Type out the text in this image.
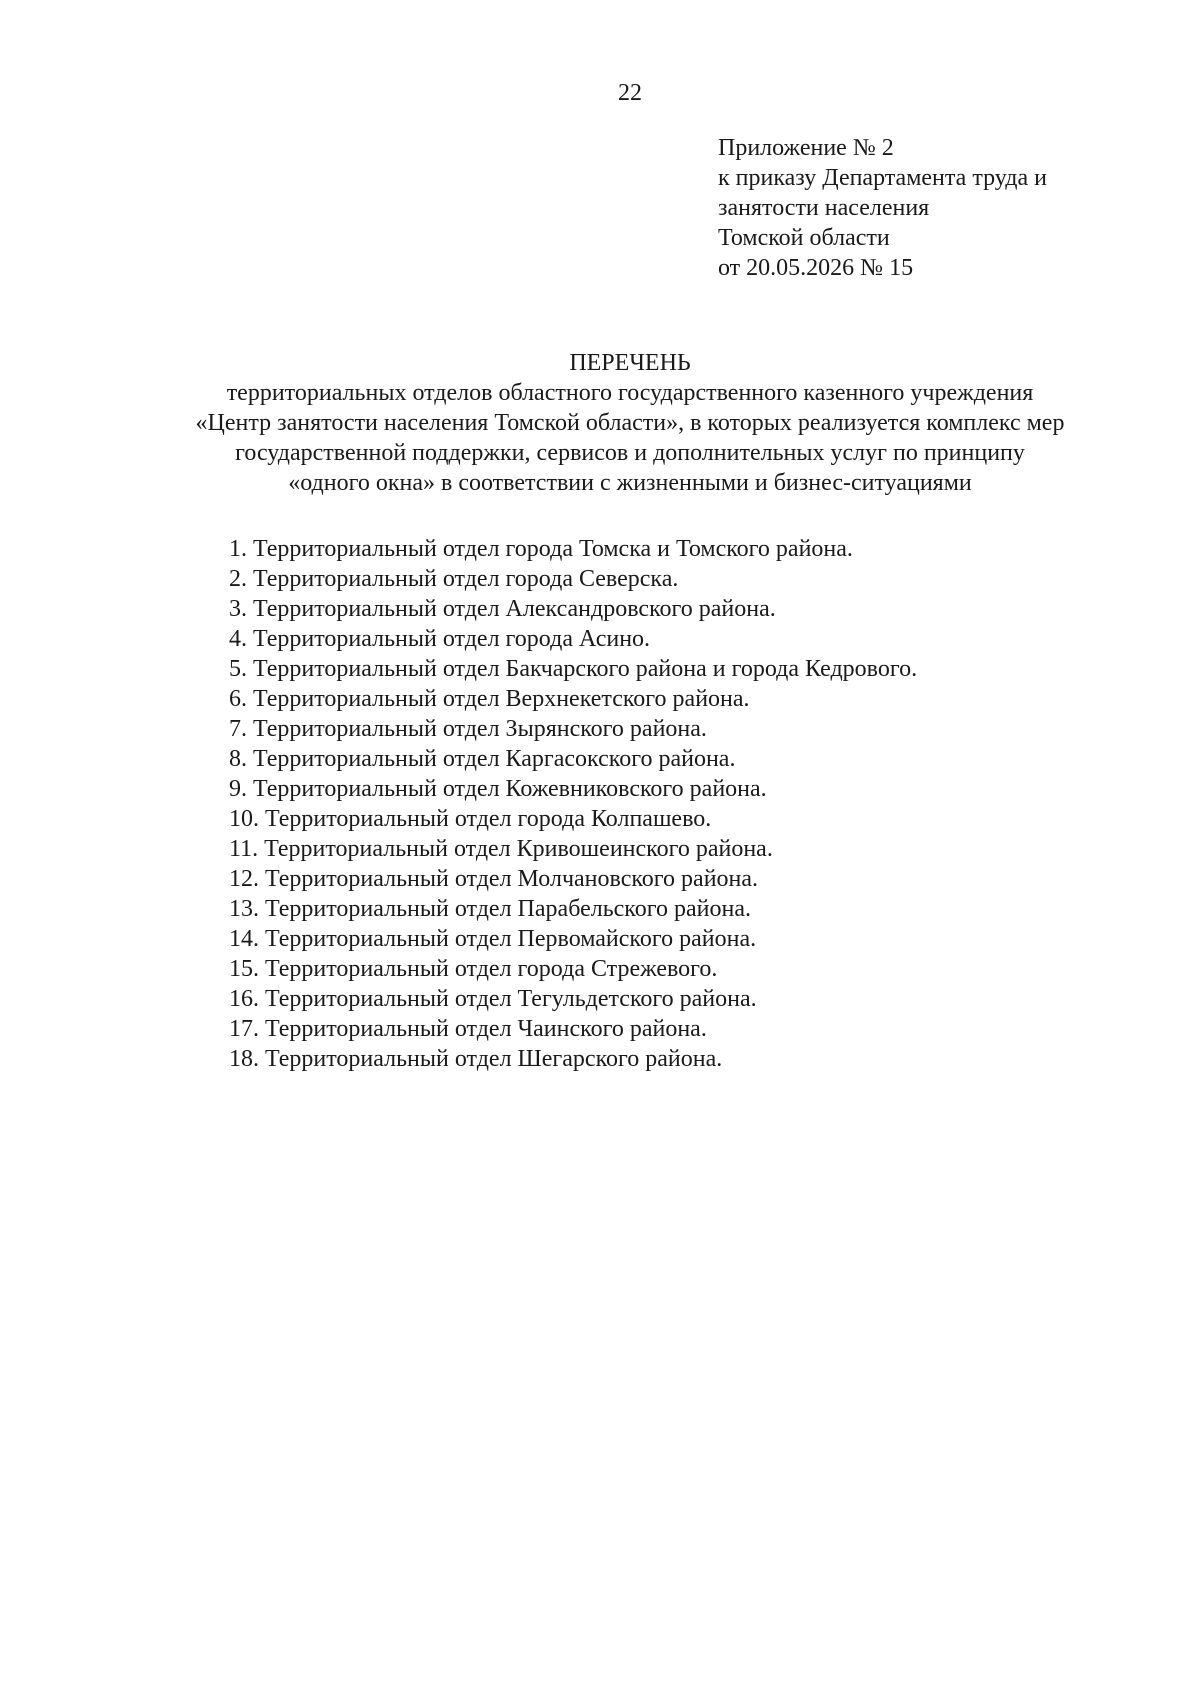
22
Приложение № 2
к приказу Департамента труда и
занятости населения
Томской области
от 20.05.2026 № 15
ПЕРЕЧЕНЬ
территориальных отделов областного государственного казенного учреждения
«Центр занятости населения Томской области», в которых реализуется комплекс мер
государственной поддержки, сервисов и дополнительных услуг по принципу
«одного окна» в соответствии с жизненными и бизнес-ситуациями
1. Территориальный отдел города Томска и Томского района.
2. Территориальный отдел города Северска.
3. Территориальный отдел Александровского района.
4. Территориальный отдел города Асино.
5. Территориальный отдел Бакчарского района и города Кедрового.
6. Территориальный отдел Верхнекетского района.
7. Территориальный отдел Зырянского района.
8. Территориальный отдел Каргасокского района.
9. Территориальный отдел Кожевниковского района.
10. Территориальный отдел города Колпашево.
11. Территориальный отдел Кривошеинского района.
12. Территориальный отдел Молчановского района.
13. Территориальный отдел Парабельского района.
14. Территориальный отдел Первомайского района.
15. Территориальный отдел города Стрежевого.
16. Территориальный отдел Тегульдетского района.
17. Территориальный отдел Чаинского района.
18. Территориальный отдел Шегарского района.
